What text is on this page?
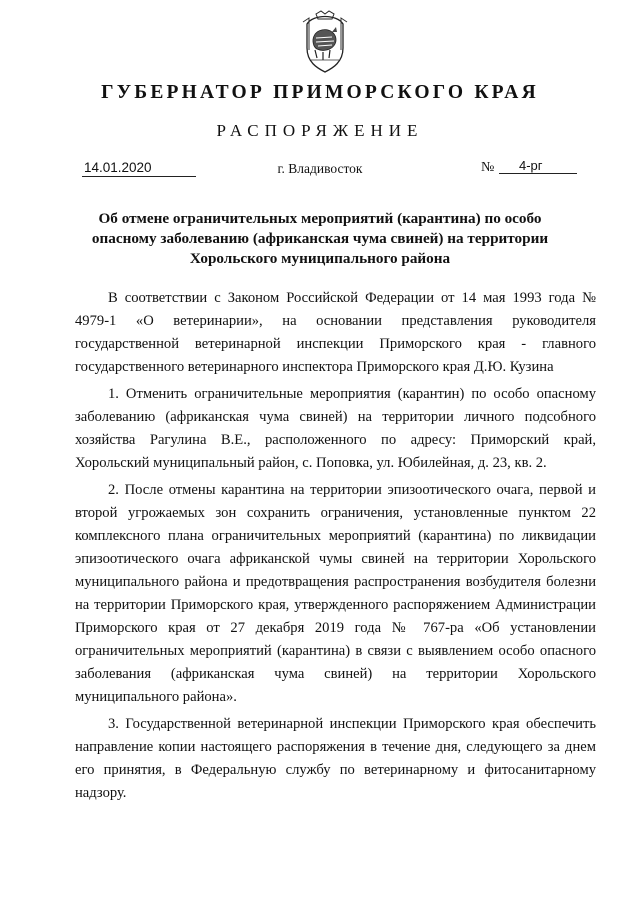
ГУБЕРНАТОР ПРИМОРСКОГО КРАЯ
РАСПОРЯЖЕНИЕ
14.01.2020	г. Владивосток	№	4-рг
Об отмене ограничительных мероприятий (карантина) по особо опасному заболеванию (африканская чума свиней) на территории Хорольского муниципального района

В соответствии с Законом Российской Федерации от 14 мая 1993 года № 4979-1 «О ветеринарии», на основании представления руководителя государственной ветеринарной инспекции Приморского края - главного государственного ветеринарного инспектора Приморского края Д.Ю. Кузина

1. Отменить ограничительные мероприятия (карантин) по особо опасному заболеванию (африканская чума свиней) на территории личного подсобного хозяйства Рагулина В.Е., расположенного по адресу: Приморский край, Хорольский муниципальный район, с. Поповка, ул. Юбилейная, д. 23, кв. 2.

2. После отмены карантина на территории эпизоотического очага, первой и второй угрожаемых зон сохранить ограничения, установленные пунктом 22 комплексного плана ограничительных мероприятий (карантина) по ликвидации эпизоотического очага африканской чумы свиней на территории Хорольского муниципального района и предотвращения распространения возбудителя болезни на территории Приморского края, утвержденного распоряжением Администрации Приморского края от 27 декабря 2019 года № 767-ра «Об установлении ограничительных мероприятий (карантина) в связи с выявлением особо опасного заболевания (африканская чума свиней) на территории Хорольского муниципального района».

3. Государственной ветеринарной инспекции Приморского края обеспечить направление копии настоящего распоряжения в течение дня, следующего за днем его принятия, в Федеральную службу по ветеринарному и фитосанитарному надзору.
